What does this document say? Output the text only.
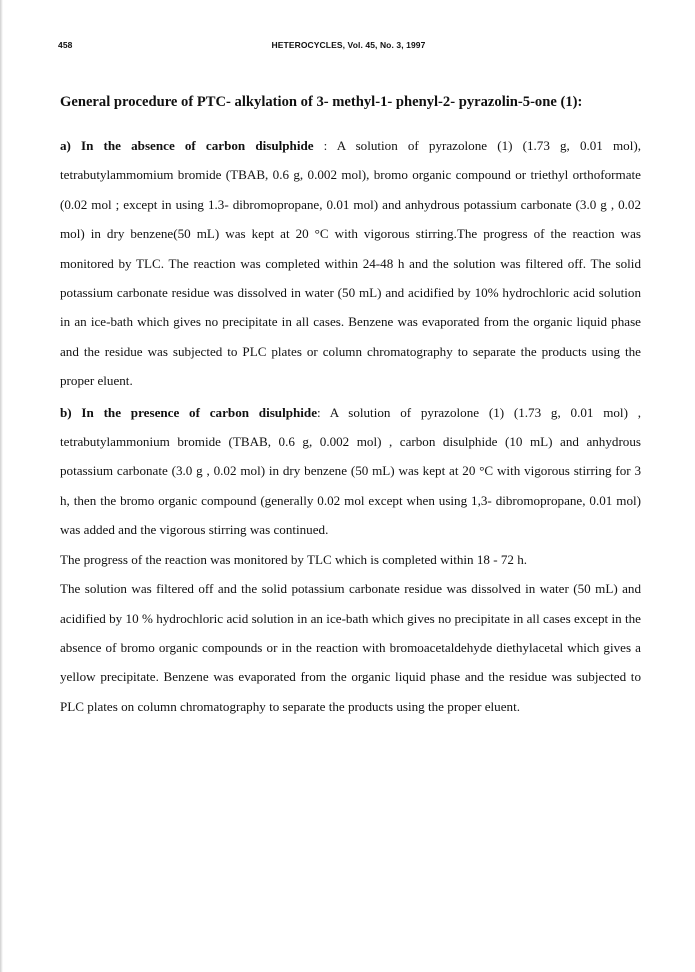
458	HETEROCYCLES, Vol. 45, No. 3, 1997
General procedure of PTC- alkylation of 3- methyl-1- phenyl-2- pyrazolin-5-one (1):

a) In the absence of carbon disulphide : A solution of pyrazolone (1) (1.73 g, 0.01 mol), tetrabutylammomium bromide (TBAB, 0.6 g, 0.002 mol), bromo organic compound or triethyl orthoformate (0.02 mol ; except in using 1.3- dibromopropane, 0.01 mol) and anhydrous potassium carbonate (3.0 g , 0.02 mol) in dry benzene(50 mL) was kept at 20 °C with vigorous stirring.The progress of the reaction was monitored by TLC. The reaction was completed within 24-48 h and the solution was filtered off. The solid potassium carbonate residue was dissolved in water (50 mL) and acidified by 10% hydrochloric acid solution in an ice-bath which gives no precipitate in all cases. Benzene was evaporated from the organic liquid phase and the residue was subjected to PLC plates or column chromatography to separate the products using the proper eluent.

b) In the presence of carbon disulphide: A solution of pyrazolone (1) (1.73 g, 0.01 mol) , tetrabutylammonium bromide (TBAB, 0.6 g, 0.002 mol) , carbon disulphide (10 mL) and anhydrous potassium carbonate (3.0 g , 0.02 mol) in dry benzene (50 mL) was kept at 20 °C with vigorous stirring for 3 h, then the bromo organic compound (generally 0.02 mol except when using 1,3- dibromopropane, 0.01 mol) was added and the vigorous stirring was continued.

The progress of the reaction was monitored by TLC which is completed within 18 - 72 h.

The solution was filtered off and the solid potassium carbonate residue was dissolved in water (50 mL) and acidified by 10 % hydrochloric acid solution in an ice-bath which gives no precipitate in all cases except in the absence of bromo organic compounds or in the reaction with bromoacetaldehyde diethylacetal which gives a yellow precipitate. Benzene was evaporated from the organic liquid phase and the residue was subjected to PLC plates on column chromatography to separate the products using the proper eluent.
